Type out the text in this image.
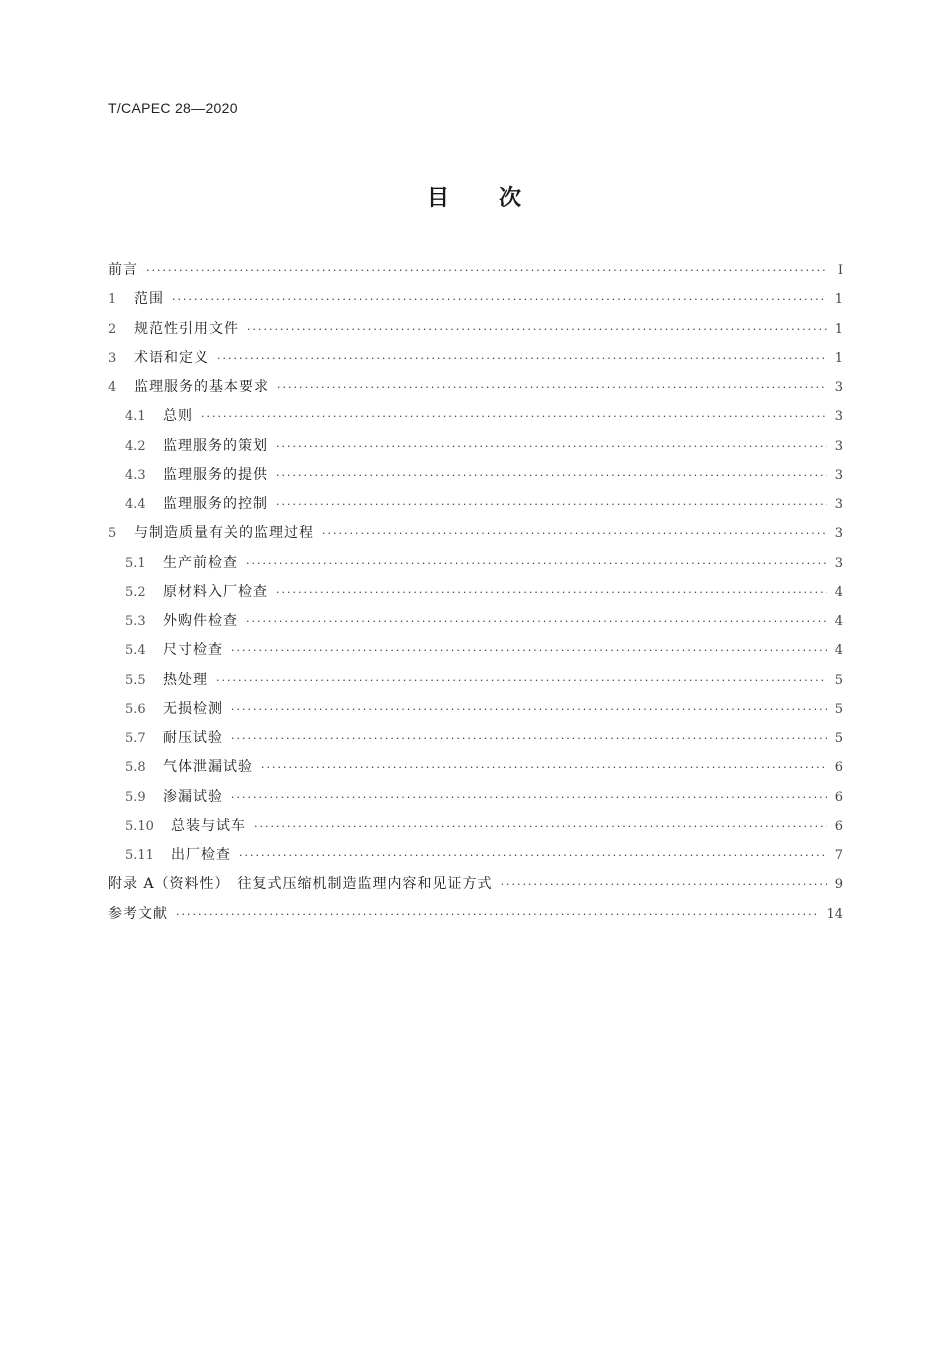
T/CAPEC 28—2020
目 次
前言 ·····	Ⅰ
1	范围 ·····	1
2	规范性引用文件 ·····	1
3	术语和定义 ·····	1
4	监理服务的基本要求 ·····	3
4.1	总则 ·····	3
4.2	监理服务的策划 ·····	3
4.3	监理服务的提供 ·····	3
4.4	监理服务的控制 ·····	3
5	与制造质量有关的监理过程 ·····	3
5.1	生产前检查 ·····	3
5.2	原材料入厂检查 ·····	4
5.3	外购件检查 ·····	4
5.4	尺寸检查 ·····	4
5.5	热处理 ·····	5
5.6	无损检测 ·····	5
5.7	耐压试验 ·····	5
5.8	气体泄漏试验 ·····	6
5.9	渗漏试验 ·····	6
5.10	总装与试车 ·····	6
5.11	出厂检查 ·····	7
附录 A（资料性）　往复式压缩机制造监理内容和见证方式 ·····	9
参考文献 ·····	14
